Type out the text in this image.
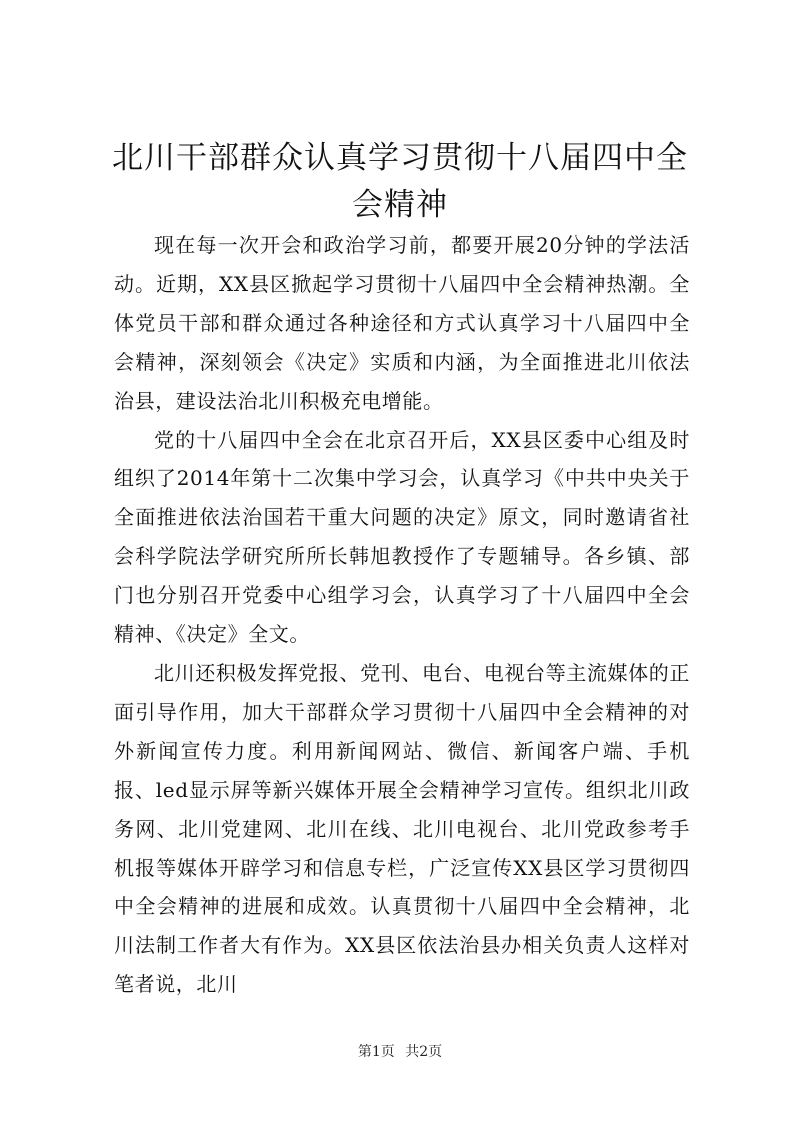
北川干部群众认真学习贯彻十八届四中全会精神

现在每一次开会和政治学习前，都要开展20分钟的学法活动。近期，XX县区掀起学习贯彻十八届四中全会精神热潮。全体党员干部和群众通过各种途径和方式认真学习十八届四中全会精神，深刻领会《决定》实质和内涵，为全面推进北川依法治县，建设法治北川积极充电增能。

党的十八届四中全会在北京召开后，XX县区委中心组及时组织了2014年第十二次集中学习会，认真学习《中共中央关于全面推进依法治国若干重大问题的决定》原文，同时邀请省社会科学院法学研究所所长韩旭教授作了专题辅导。各乡镇、部门也分别召开党委中心组学习会，认真学习了十八届四中全会精神、《决定》全文。

北川还积极发挥党报、党刊、电台、电视台等主流媒体的正面引导作用，加大干部群众学习贯彻十八届四中全会精神的对外新闻宣传力度。利用新闻网站、微信、新闻客户端、手机报、led显示屏等新兴媒体开展全会精神学习宣传。组织北川政务网、北川党建网、北川在线、北川电视台、北川党政参考手机报等媒体开辟学习和信息专栏，广泛宣传XX县区学习贯彻四中全会精神的进展和成效。认真贯彻十八届四中全会精神，北川法制工作者大有作为。XX县区依法治县办相关负责人这样对笔者说，北川

第1页 共2页
